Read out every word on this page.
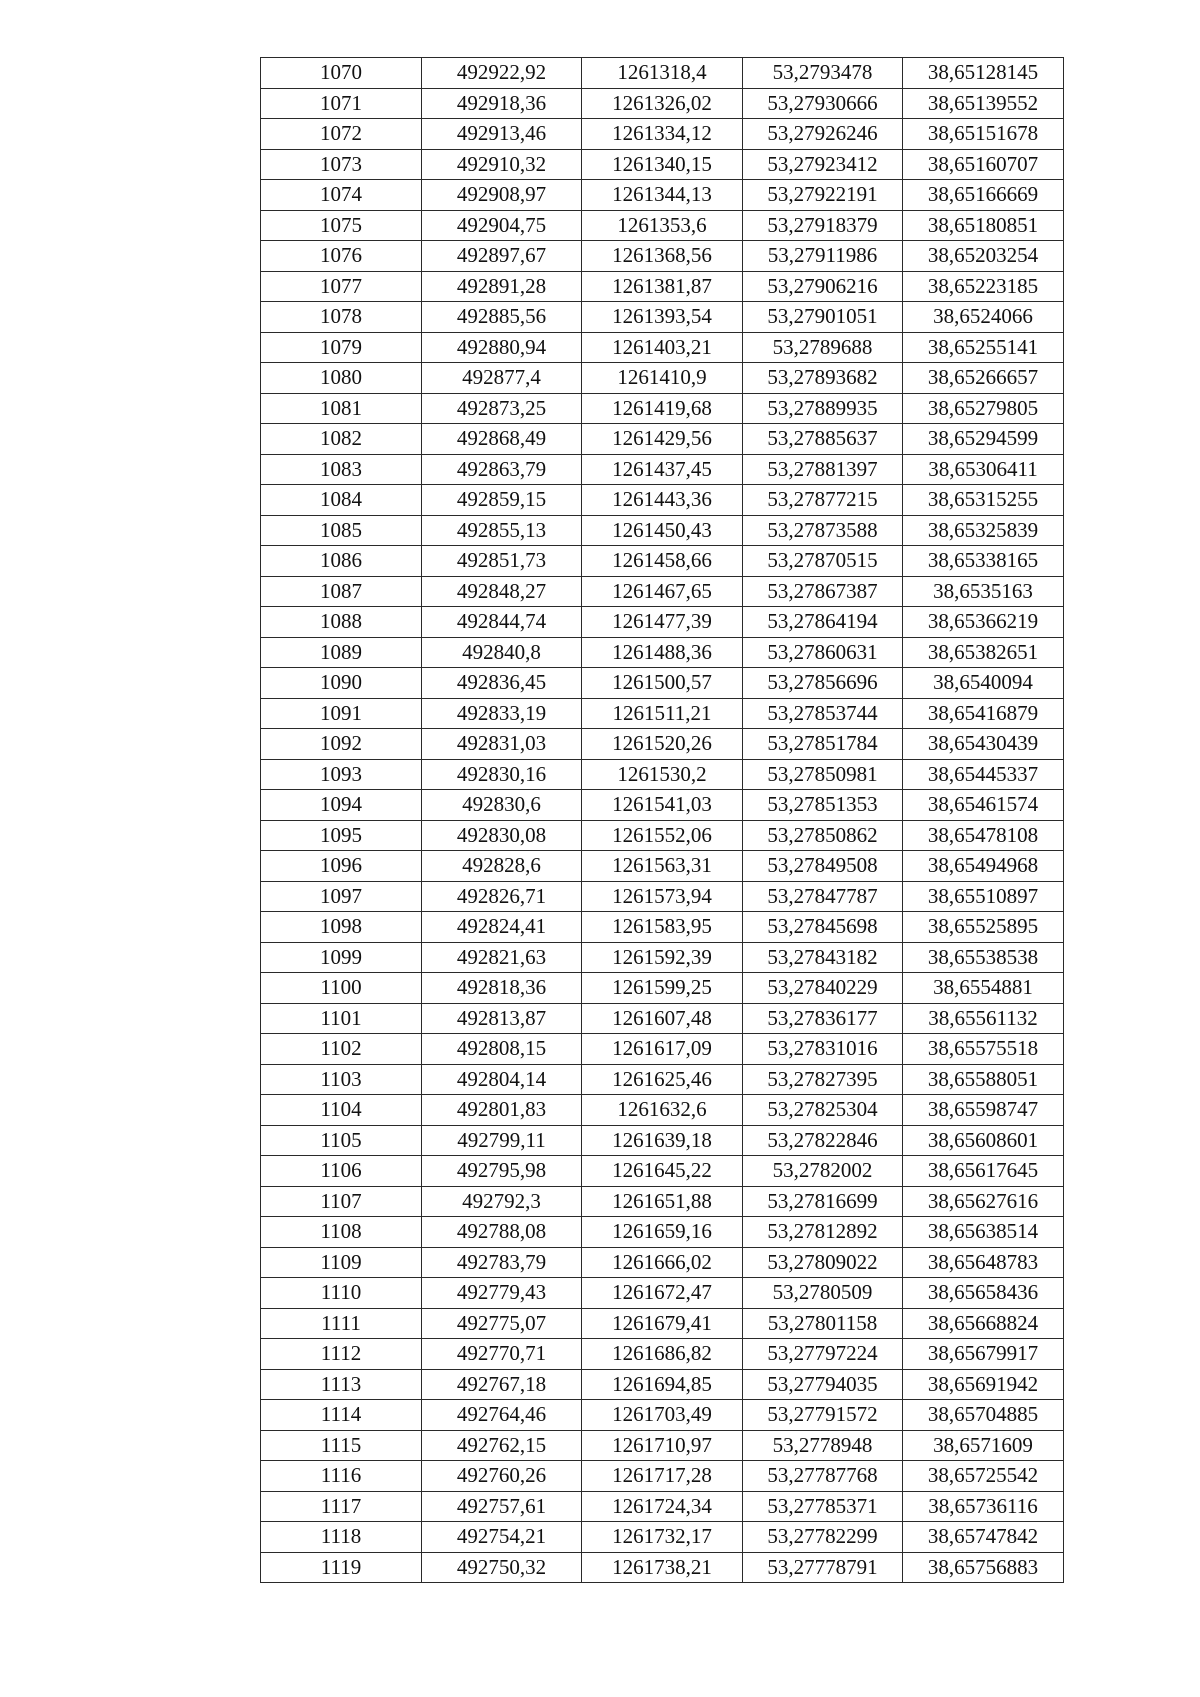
1070	492922,92	1261318,4	53,2793478	38,65128145
1071	492918,36	1261326,02	53,27930666	38,65139552
1072	492913,46	1261334,12	53,27926246	38,65151678
1073	492910,32	1261340,15	53,27923412	38,65160707
1074	492908,97	1261344,13	53,27922191	38,65166669
1075	492904,75	1261353,6	53,27918379	38,65180851
1076	492897,67	1261368,56	53,27911986	38,65203254
1077	492891,28	1261381,87	53,27906216	38,65223185
1078	492885,56	1261393,54	53,27901051	38,6524066
1079	492880,94	1261403,21	53,2789688	38,65255141
1080	492877,4	1261410,9	53,27893682	38,65266657
1081	492873,25	1261419,68	53,27889935	38,65279805
1082	492868,49	1261429,56	53,27885637	38,65294599
1083	492863,79	1261437,45	53,27881397	38,65306411
1084	492859,15	1261443,36	53,27877215	38,65315255
1085	492855,13	1261450,43	53,27873588	38,65325839
1086	492851,73	1261458,66	53,27870515	38,65338165
1087	492848,27	1261467,65	53,27867387	38,6535163
1088	492844,74	1261477,39	53,27864194	38,65366219
1089	492840,8	1261488,36	53,27860631	38,65382651
1090	492836,45	1261500,57	53,27856696	38,6540094
1091	492833,19	1261511,21	53,27853744	38,65416879
1092	492831,03	1261520,26	53,27851784	38,65430439
1093	492830,16	1261530,2	53,27850981	38,65445337
1094	492830,6	1261541,03	53,27851353	38,65461574
1095	492830,08	1261552,06	53,27850862	38,65478108
1096	492828,6	1261563,31	53,27849508	38,65494968
1097	492826,71	1261573,94	53,27847787	38,65510897
1098	492824,41	1261583,95	53,27845698	38,65525895
1099	492821,63	1261592,39	53,27843182	38,65538538
1100	492818,36	1261599,25	53,27840229	38,6554881
1101	492813,87	1261607,48	53,27836177	38,65561132
1102	492808,15	1261617,09	53,27831016	38,65575518
1103	492804,14	1261625,46	53,27827395	38,65588051
1104	492801,83	1261632,6	53,27825304	38,65598747
1105	492799,11	1261639,18	53,27822846	38,65608601
1106	492795,98	1261645,22	53,2782002	38,65617645
1107	492792,3	1261651,88	53,27816699	38,65627616
1108	492788,08	1261659,16	53,27812892	38,65638514
1109	492783,79	1261666,02	53,27809022	38,65648783
1110	492779,43	1261672,47	53,2780509	38,65658436
1111	492775,07	1261679,41	53,27801158	38,65668824
1112	492770,71	1261686,82	53,27797224	38,65679917
1113	492767,18	1261694,85	53,27794035	38,65691942
1114	492764,46	1261703,49	53,27791572	38,65704885
1115	492762,15	1261710,97	53,2778948	38,6571609
1116	492760,26	1261717,28	53,27787768	38,65725542
1117	492757,61	1261724,34	53,27785371	38,65736116
1118	492754,21	1261732,17	53,27782299	38,65747842
1119	492750,32	1261738,21	53,27778791	38,65756883
